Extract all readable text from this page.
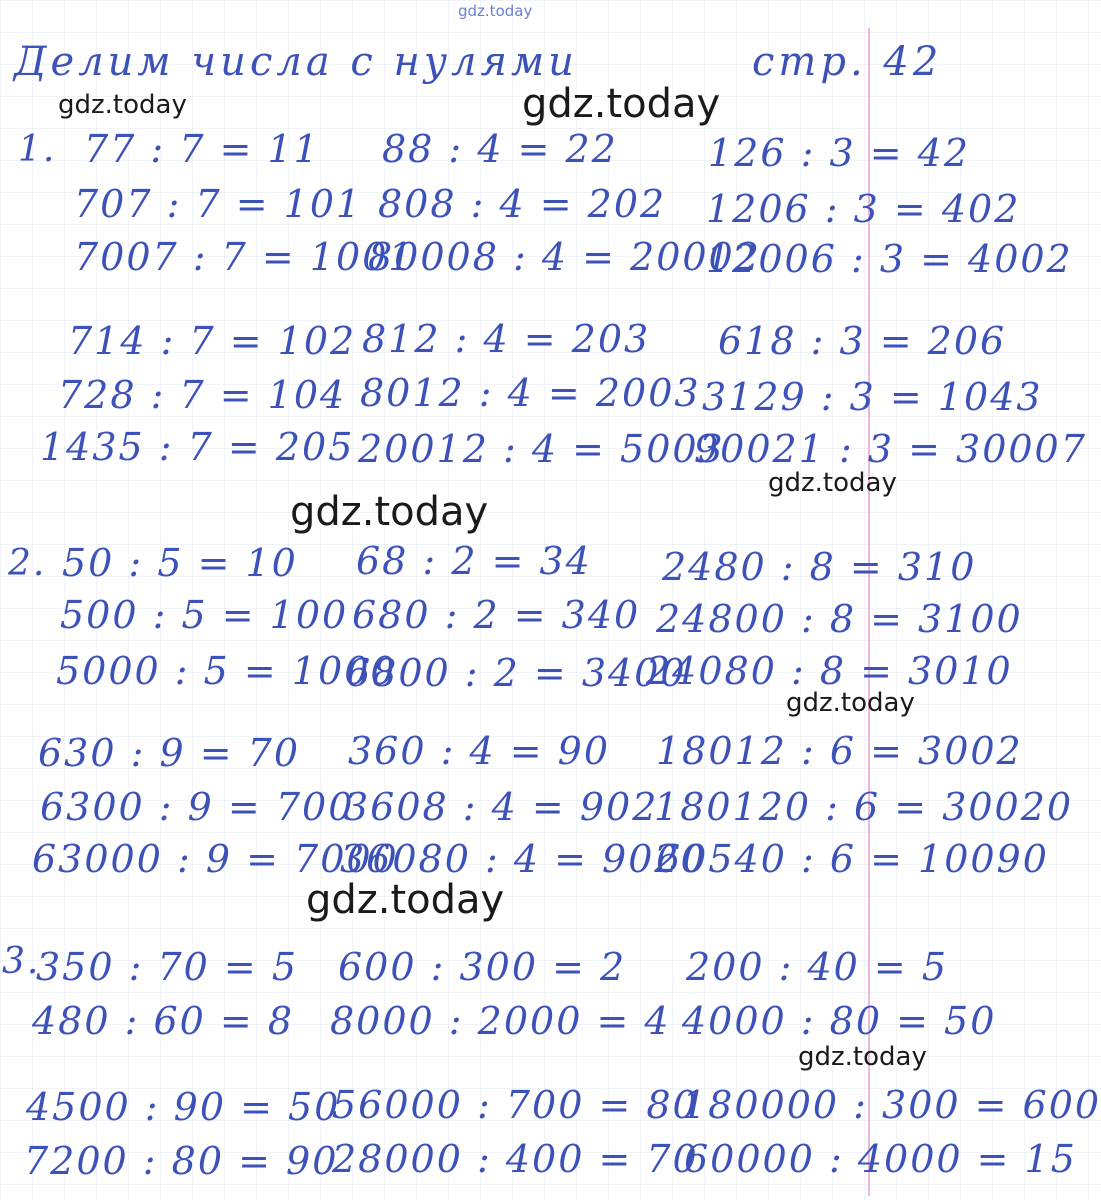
gdz.today
Делим числа с нулями	стр. 42
gdz.today	gdz.today
1. 77 : 7 = 11 88 : 4 = 22 126 : 3 = 42
707 : 7 = 101 808 : 4 = 202 1206 : 3 = 402
7007 : 7 = 1001
80008 : 4 = 20002
12006 : 3 = 4002
714 : 7 = 102 812 : 4 = 203 618 : 3 = 206
728 : 7 = 104 8012 : 4 = 2003 3129 : 3 = 1043
1435 : 7 = 205 20012 : 4 = 5003
90021 : 3 = 30007
gdz.today
gdz.today
2. 50 : 5 = 10 68 : 2 = 34 2480 : 8 = 310
500 : 5 = 100 680 : 2 = 340 24800 : 8 = 3100
5000 : 5 = 1000
6800 : 2 = 3400
24080 : 8 = 3010
gdz.today
630 : 9 = 70 360 : 4 = 90 18012 : 6 = 3002
6300 : 9 = 700
3608 : 4 = 902
180120 : 6 = 30020
63000 : 9 = 7000
36080 : 4 = 9020
60540 : 6 = 10090
gdz.today
3.
350 : 70 = 5 600 : 300 = 2 200 : 40 = 5
480 : 60 = 8 8000 : 2000 = 4 4000 : 80 = 50
gdz.today
4500 : 90 = 50
56000 : 700 = 80
180000 : 300 = 600
7200 : 80 = 90
28000 : 400 = 70
60000 : 4000 = 15
